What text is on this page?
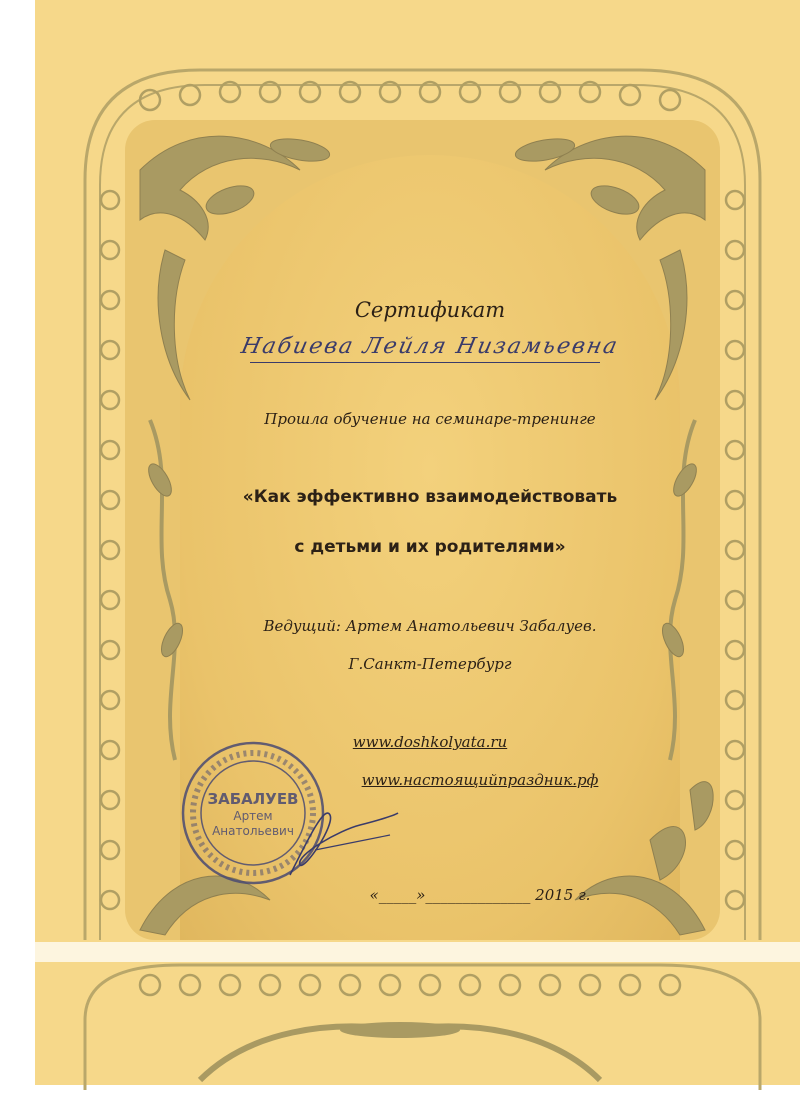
Сертификат
Набиева Лейля Низамьевна
Прошла обучение на семинаре-тренинге
«Как эффективно взаимодействовать
с детьми и их родителями»
Ведущий: Артем Анатольевич Забалуев.
Г.Санкт-Петербург
www.doshkolyata.ru
www.настоящийпраздник.рф
«_____»______________ 2015 г.
ЗАБАЛУЕВ
Артем
Анатольевич
